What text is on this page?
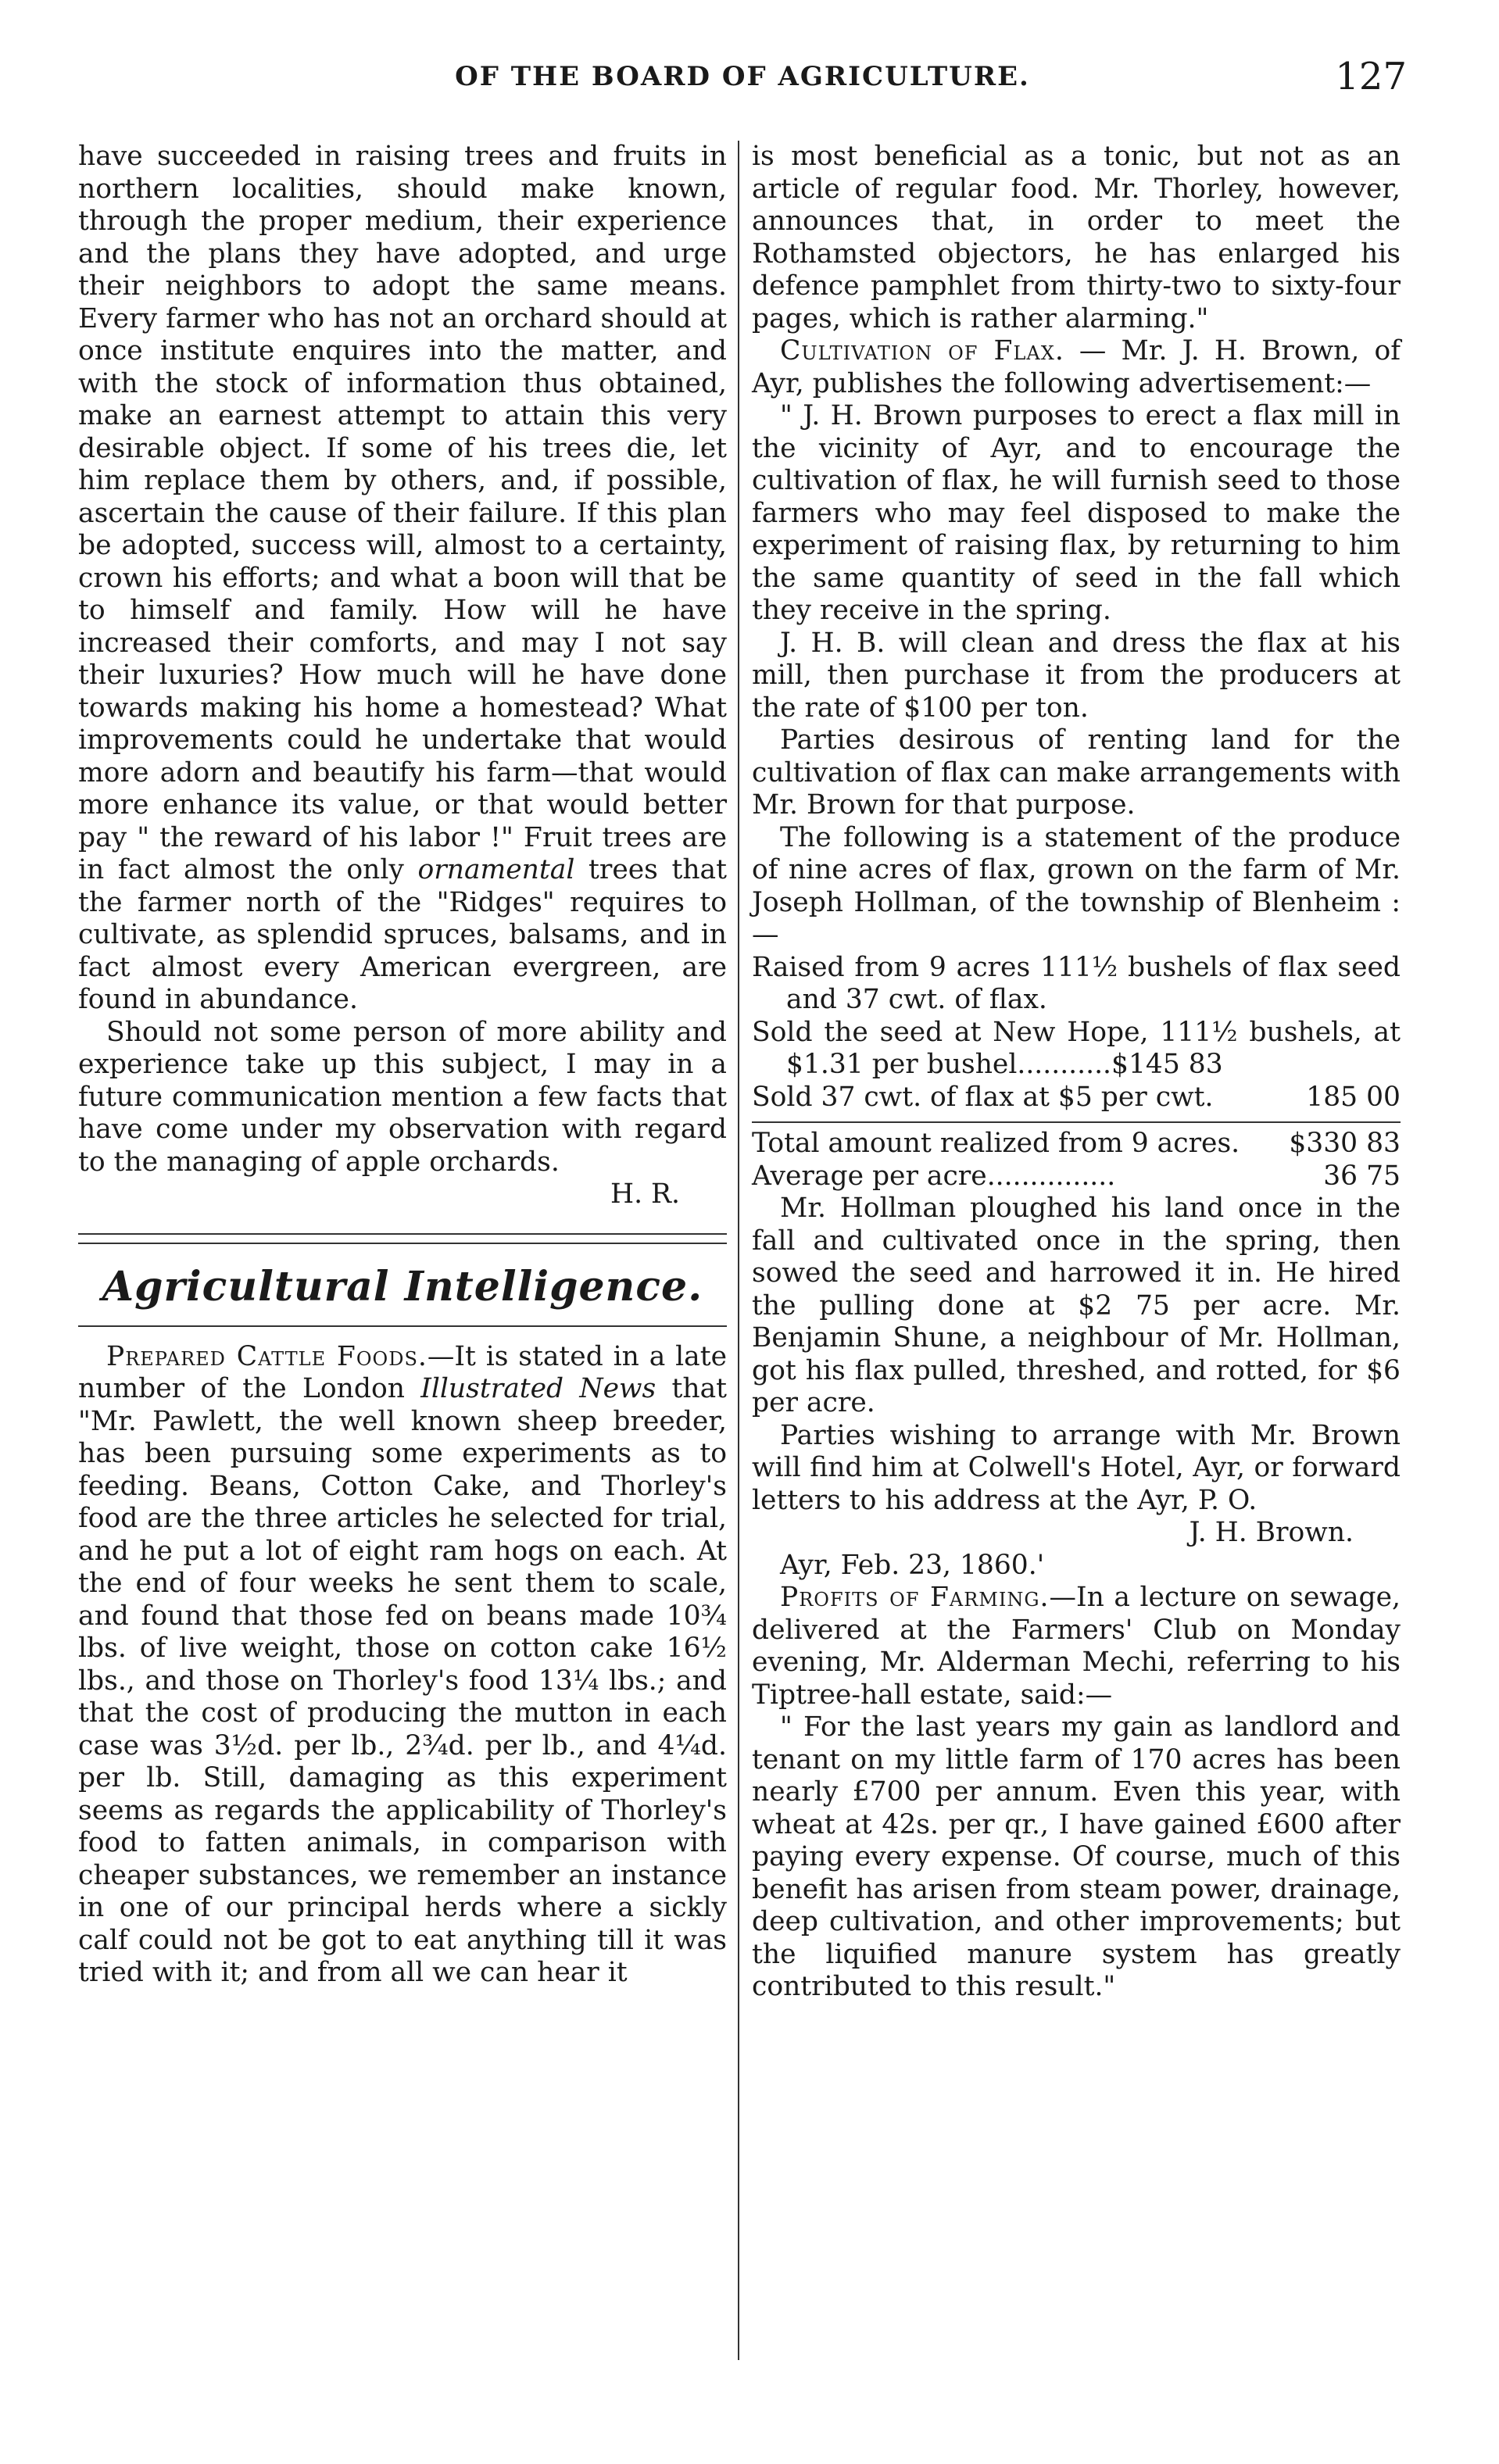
OF THE BOARD OF AGRICULTURE.	127

have succeeded in raising trees and fruits in northern localities, should make known, through the proper medium, their experience and the plans they have adopted, and urge their neighbors to adopt the same means. Every farmer who has not an orchard should at once institute enquires into the matter, and with the stock of information thus obtained, make an earnest attempt to attain this very desirable object. If some of his trees die, let him replace them by others, and, if possible, ascertain the cause of their failure. If this plan be adopted, success will, almost to a certainty, crown his efforts; and what a boon will that be to himself and family. How will he have increased their comforts, and may I not say their luxuries? How much will he have done towards making his home a homestead? What improvements could he undertake that would more adorn and beautify his farm—that would more enhance its value, or that would better pay " the reward of his labor !" Fruit trees are in fact almost the only ornamental trees that the farmer north of the "Ridges" requires to cultivate, as splendid spruces, balsams, and in fact almost every American evergreen, are found in abundance.

Should not some person of more ability and experience take up this subject, I may in a future communication mention a few facts that have come under my observation with regard to the managing of apple orchards.

H. R.

Agricultural Intelligence.

Prepared Cattle Foods.—It is stated in a late number of the London Illustrated News that "Mr. Pawlett, the well known sheep breeder, has been pursuing some experiments as to feeding. Beans, Cotton Cake, and Thorley's food are the three articles he selected for trial, and he put a lot of eight ram hogs on each. At the end of four weeks he sent them to scale, and found that those fed on beans made 10¾ lbs. of live weight, those on cotton cake 16½ lbs., and those on Thorley's food 13¼ lbs.; and that the cost of producing the mutton in each case was 3½d. per lb., 2¾d. per lb., and 4¼d. per lb. Still, damaging as this experiment seems as regards the applicability of Thorley's food to fatten animals, in comparison with cheaper substances, we remember an instance in one of our principal herds where a sickly calf could not be got to eat anything till it was tried with it; and from all we can hear it

is most beneficial as a tonic, but not as an article of regular food. Mr. Thorley, however, announces that, in order to meet the Rothamsted objectors, he has enlarged his defence pamphlet from thirty-two to sixty-four pages, which is rather alarming."

Cultivation of Flax. — Mr. J. H. Brown, of Ayr, publishes the following advertisement:—

" J. H. Brown purposes to erect a flax mill in the vicinity of Ayr, and to encourage the cultivation of flax, he will furnish seed to those farmers who may feel disposed to make the experiment of raising flax, by returning to him the same quantity of seed in the fall which they receive in the spring.

J. H. B. will clean and dress the flax at his mill, then purchase it from the producers at the rate of $100 per ton.

Parties desirous of renting land for the cultivation of flax can make arrangements with Mr. Brown for that purpose.

The following is a statement of the produce of nine acres of flax, grown on the farm of Mr. Joseph Hollman, of the township of Blenheim :—

Raised from 9 acres 111½ bushels of flax seed and 37 cwt. of flax.

Sold the seed at New Hope, 111½ bushels, at $1.31 per bushel...........$145 83

Sold 37 cwt. of flax at $5 per cwt.	185 00
Total amount realized from 9 acres. $330 83
Average per acre...............	36 75

Mr. Hollman ploughed his land once in the fall and cultivated once in the spring, then sowed the seed and harrowed it in. He hired the pulling done at $2 75 per acre. Mr. Benjamin Shune, a neighbour of Mr. Hollman, got his flax pulled, threshed, and rotted, for $6 per acre.

Parties wishing to arrange with Mr. Brown will find him at Colwell's Hotel, Ayr, or forward letters to his address at the Ayr, P. O.

J. H. Brown.

Ayr, Feb. 23, 1860.'

Profits of Farming.—In a lecture on sewage, delivered at the Farmers' Club on Monday evening, Mr. Alderman Mechi, referring to his Tiptree-hall estate, said:—

" For the last years my gain as landlord and tenant on my little farm of 170 acres has been nearly £700 per annum. Even this year, with wheat at 42s. per qr., I have gained £600 after paying every expense. Of course, much of this benefit has arisen from steam power, drainage, deep cultivation, and other improvements; but the liquified manure system has greatly contributed to this result."
